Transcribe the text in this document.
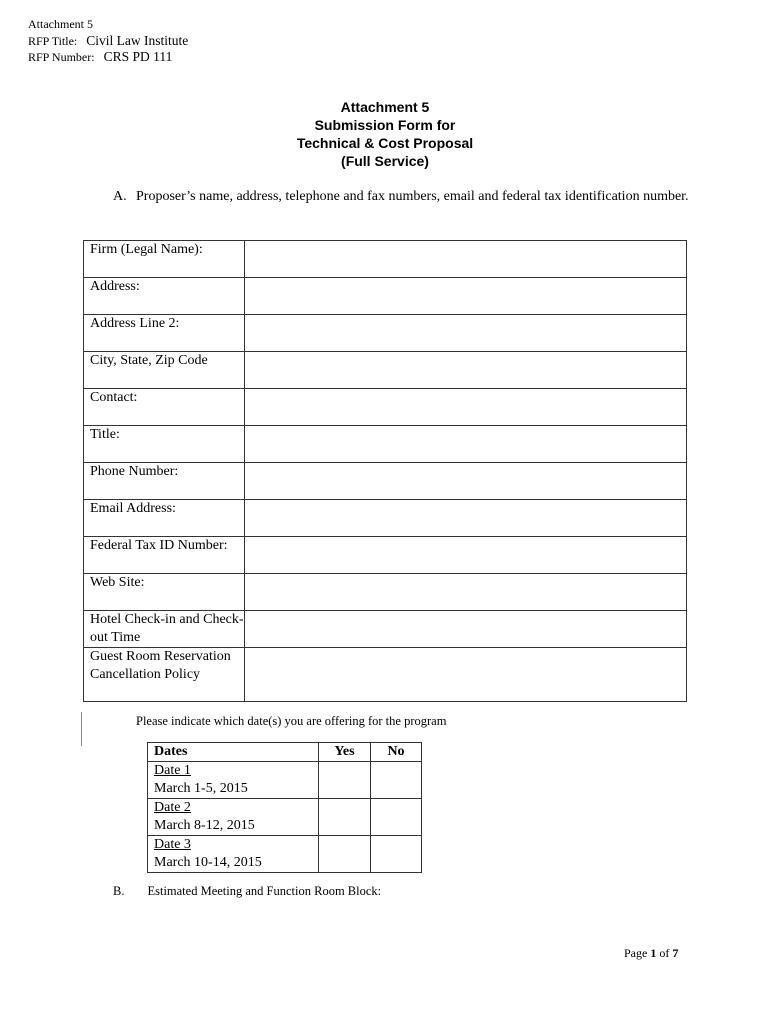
Attachment 5
RFP Title: Civil Law Institute
RFP Number: CRS PD 111
Attachment 5
Submission Form for
Technical & Cost Proposal
(Full Service)
A. Proposer’s name, address, telephone and fax numbers, email and federal tax identification number.
Firm (Legal Name):	
Address:	
Address Line 2:	
City, State, Zip Code	
Contact:	
Title:	
Phone Number:	
Email Address:	
Federal Tax ID Number:	
Web Site:	
Hotel Check-in and Check-out Time	
Guest Room Reservation Cancellation Policy	
Please indicate which date(s) you are offering for the program
Dates	Yes	No

Date 1
March 1-5, 2015		

Date 2
March 8-12, 2015		

Date 3
March 10-14, 2015		

B. Estimated Meeting and Function Room Block:
Page 1 of 7
